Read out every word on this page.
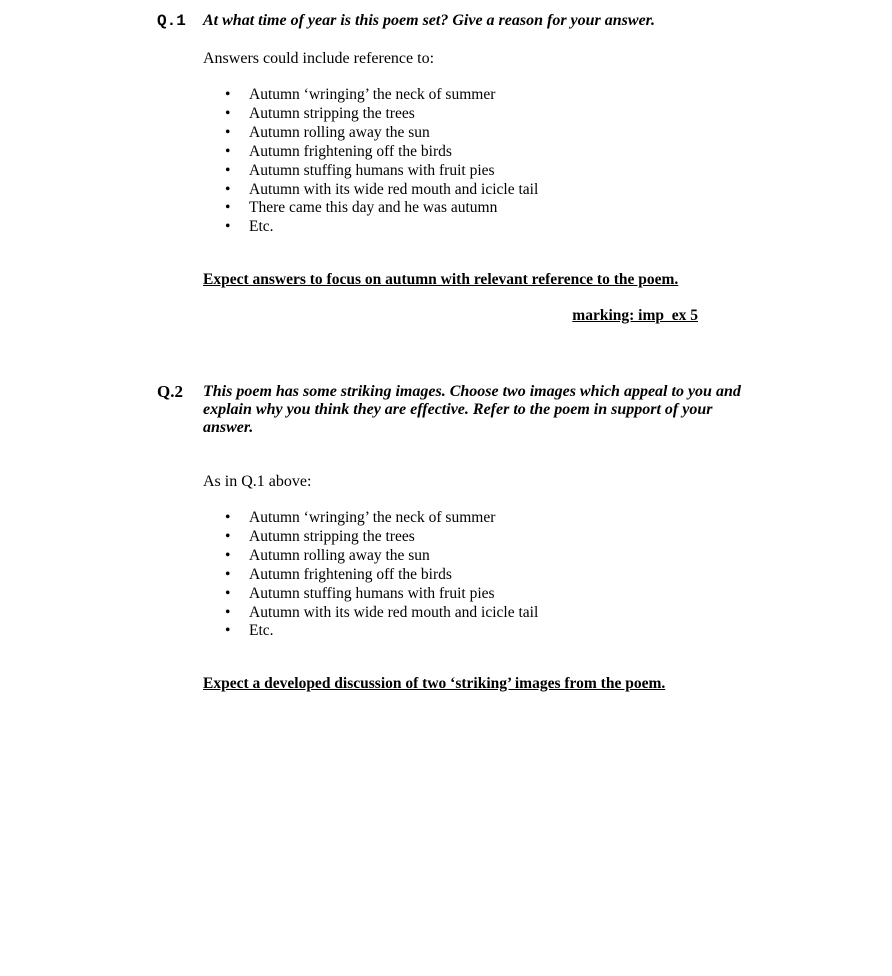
Q.1 At what time of year is this poem set? Give a reason for your answer.
Answers could include reference to:
• Autumn ‘wringing’ the neck of summer
• Autumn stripping the trees
• Autumn rolling away the sun
• Autumn frightening off the birds
• Autumn stuffing humans with fruit pies
• Autumn with its wide red mouth and icicle tail
• There came this day and he was autumn
• Etc.
Expect answers to focus on autumn with relevant reference to the poem.
marking: imp  ex 5
Q.2 This poem has some striking images. Choose two images which appeal to you and explain why you think they are effective. Refer to the poem in support of your answer.
As in Q.1 above:
• Autumn ‘wringing’ the neck of summer
• Autumn stripping the trees
• Autumn rolling away the sun
• Autumn frightening off the birds
• Autumn stuffing humans with fruit pies
• Autumn with its wide red mouth and icicle tail
• Etc.
Expect a developed discussion of two ‘striking’ images from the poem.
